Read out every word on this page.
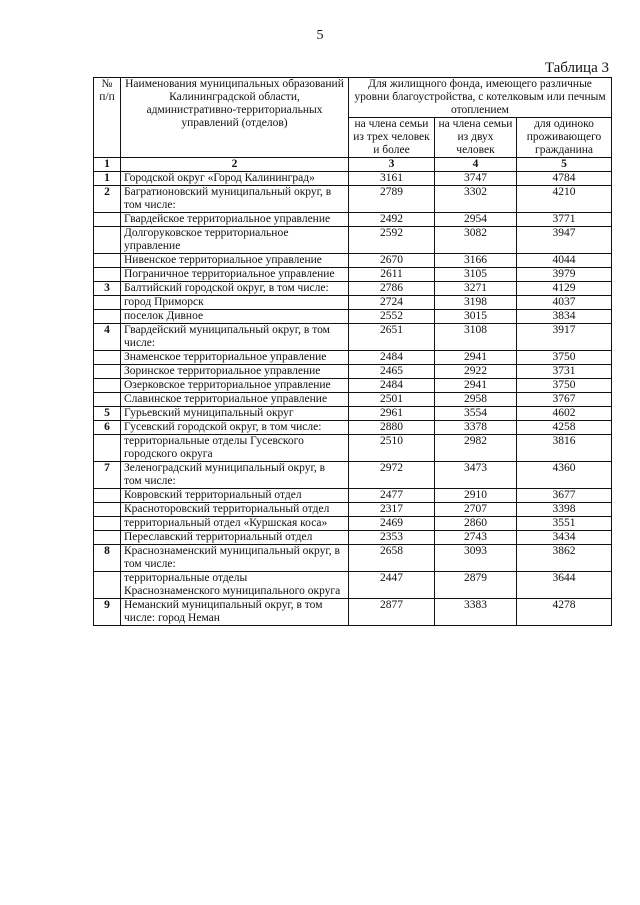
5
Таблица 3
№ п/п	Наименования муниципальных образований Калининградской области, административно-территориальных управлений (отделов)	Для жилищного фонда, имеющего различные уровни благоустройства, с котелковым или печным отоплением		
		на члена семьи из трех человек и более	на члена семьи из двух человек	для одиноко проживающего гражданина
1	2	3	4	5
1	Городской округ «Город Калининград»	3161	3747	4784
2	Багратионовский муниципальный округ, в том числе:	2789	3302	4210
	Гвардейское территориальное управление	2492	2954	3771
	Долгоруковское территориальное управление	2592	3082	3947
	Нивенское территориальное управление	2670	3166	4044
	Пограничное территориальное управление	2611	3105	3979
3	Балтийский городской округ, в том числе:	2786	3271	4129
	город Приморск	2724	3198	4037
	поселок Дивное	2552	3015	3834
4	Гвардейский муниципальный округ, в том числе:	2651	3108	3917
	Знаменское территориальное управление	2484	2941	3750
	Зоринское территориальное управление	2465	2922	3731
	Озерковское территориальное управление	2484	2941	3750
	Славинское территориальное управление	2501	2958	3767
5	Гурьевский муниципальный округ	2961	3554	4602
6	Гусевский городской округ, в том числе:	2880	3378	4258
	территориальные отделы Гусевского городского округа	2510	2982	3816
7	Зеленоградский муниципальный округ, в том числе:	2972	3473	4360
	Ковровский территориальный отдел	2477	2910	3677
	Красноторовский территориальный отдел	2317	2707	3398
	территориальный отдел «Куршская коса»	2469	2860	3551
	Переславский территориальный отдел	2353	2743	3434
8	Краснознаменский муниципальный округ, в том числе:	2658	3093	3862
	территориальные отделы Краснознаменского муниципального округа	2447	2879	3644
9	Неманский муниципальный округ, в том числе: город Неман	2877	3383	4278
